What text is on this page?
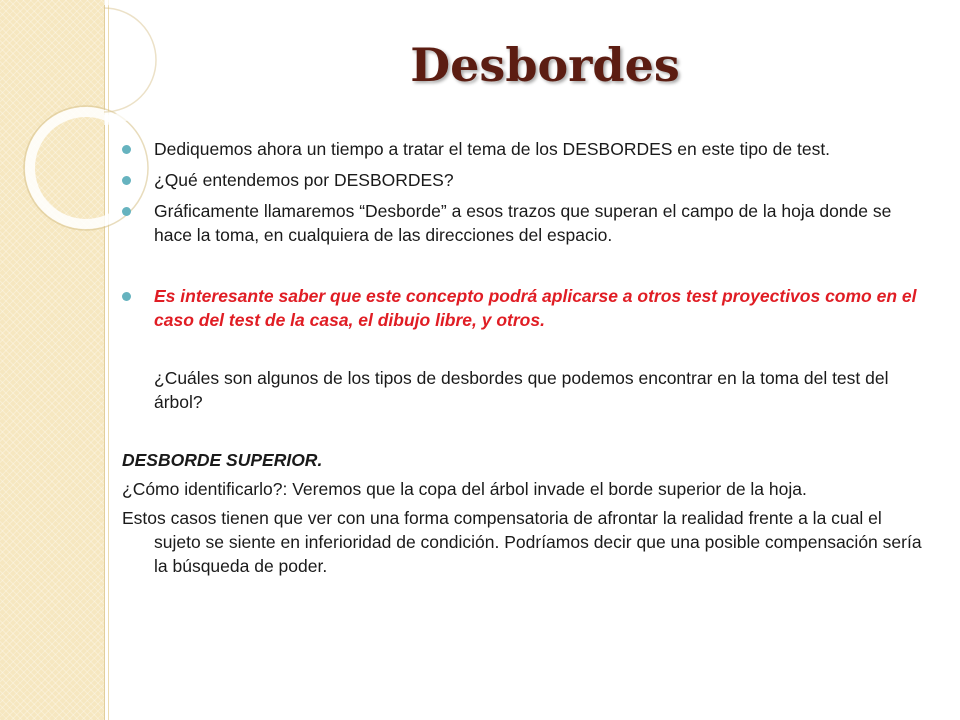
Desbordes

Dediquemos ahora un tiempo a tratar el tema de los DESBORDES en este tipo de test.

¿Qué entendemos por DESBORDES?

Gráficamente llamaremos “Desborde” a esos trazos que superan el campo de la hoja donde se hace la toma, en cualquiera de las direcciones del espacio.

Es interesante saber que este concepto podrá aplicarse a otros test proyectivos como en el caso del test de la casa, el dibujo libre, y otros.

¿Cuáles son algunos de los tipos de desbordes que podemos encontrar en la toma del test del árbol?

DESBORDE SUPERIOR.

¿Cómo identificarlo?: Veremos que la copa del árbol invade el borde superior de la hoja.

Estos casos tienen que ver con una forma compensatoria de afrontar la realidad frente a la cual el sujeto se siente en inferioridad de condición. Podríamos decir que una posible compensación sería la búsqueda de poder.
